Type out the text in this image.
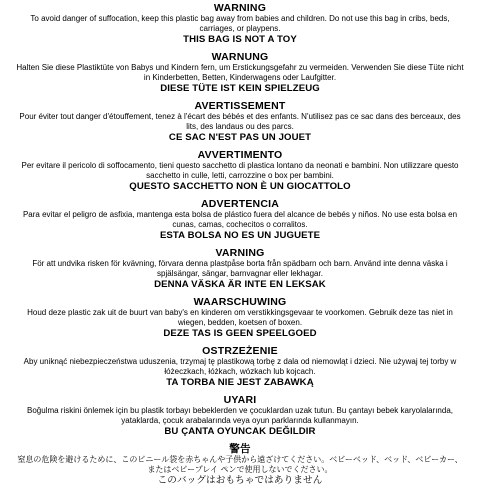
WARNING
To avoid danger of suffocation, keep this plastic bag away from babies and children. Do not use this bag in cribs, beds, carriages, or playpens.
THIS BAG IS NOT A TOY
WARNUNG
Halten Sie diese Plastiktüte von Babys und Kindern fern, um Erstickungsgefahr zu vermeiden. Verwenden Sie diese Tüte nicht in Kinderbetten, Betten, Kinderwagens oder Laufgitter.
DIESE TÜTE IST KEIN SPIELZEUG
AVERTISSEMENT
Pour éviter tout danger d'étouffement, tenez à l'écart des bébés et des enfants. N'utilisez pas ce sac dans des berceaux, des lits, des landaus ou des parcs.
CE SAC N'EST PAS UN JOUET
AVVERTIMENTO
Per evitare il pericolo di soffocamento, tieni questo sacchetto di plastica lontano da neonati e bambini. Non utilizzare questo sacchetto in culle, letti, carrozzine o box per bambini.
QUESTO SACCHETTO NON È UN GIOCATTOLO
ADVERTENCIA
Para evitar el peligro de asfixia, mantenga esta bolsa de plástico fuera del alcance de bebés y niños. No use esta bolsa en cunas, camas, cochecitos o corralitos.
ESTA BOLSA NO ES UN JUGUETE
VARNING
För att undvika risken för kvävning, förvara denna plastpåse borta från spädbarn och barn. Använd inte denna väska i spjälsängar, sängar, barnvagnar eller lekhagar.
DENNA VÄSKA ÄR INTE EN LEKSAK
WAARSCHUWING
Houd deze plastic zak uit de buurt van baby's en kinderen om verstikkingsgevaar te voorkomen. Gebruik deze tas niet in wiegen, bedden, koetsen of boxen.
DEZE TAS IS GEEN SPEELGOED
OSTRZEŻENIE
Aby uniknąć niebezpieczeństwa uduszenia, trzymaj tę plastikową torbę z dala od niemowląt i dzieci. Nie używaj tej torby w łóżeczkach, łóżkach, wózkach lub kojcach.
TA TORBA NIE JEST ZABAWKĄ
UYARI
Boğulma riskini önlemek için bu plastik torbayı bebeklerden ve çocuklardan uzak tutun. Bu çantayı bebek karyolalarında, yataklarda, çocuk arabalarında veya oyun parklarında kullanmayın.
BU ÇANTA OYUNCAK DEĞILDIR
警告
窒息の危険を避けるために、このビニール袋を赤ちゃんや子供から遠ざけてください。ベビーベッド、ベッド、ベビーカー、またはベビープレイ ペンで使用しないでください。
このバッグはおもちゃではありません
